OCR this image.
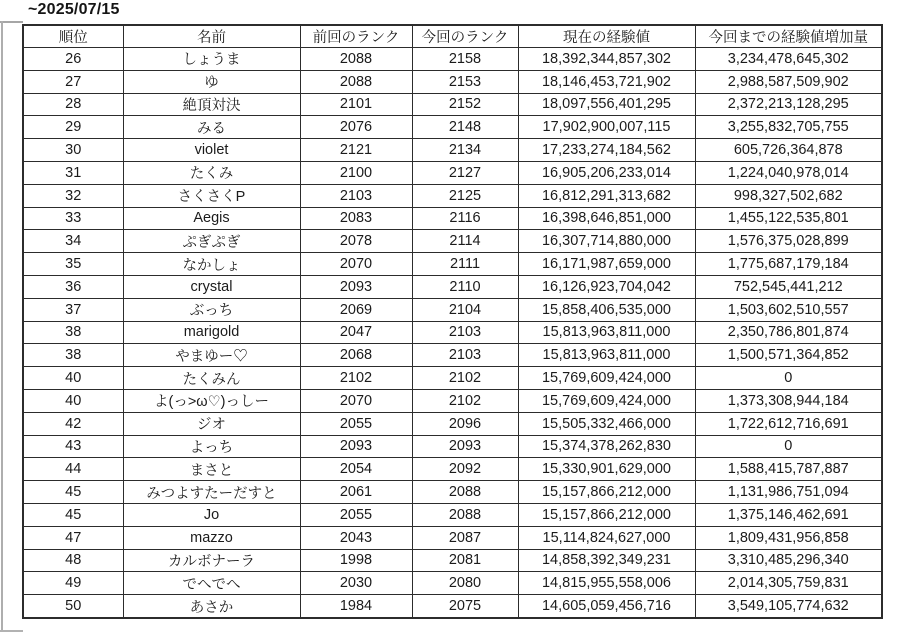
~2025/07/15
順位	名前	前回のランク	今回のランク	現在の経験値	今回までの経験値増加量
26	しょうま	2088	2158	18,392,344,857,302	3,234,478,645,302
27	ゆ	2088	2153	18,146,453,721,902	2,988,587,509,902
28	絶頂対決	2101	2152	18,097,556,401,295	2,372,213,128,295
29	みる	2076	2148	17,902,900,007,115	3,255,832,705,755
30	violet	2121	2134	17,233,274,184,562	605,726,364,878
31	たくみ	2100	2127	16,905,206,233,014	1,224,040,978,014
32	さくさくP	2103	2125	16,812,291,313,682	998,327,502,682
33	Aegis	2083	2116	16,398,646,851,000	1,455,122,535,801
34	ぷぎぷぎ	2078	2114	16,307,714,880,000	1,576,375,028,899
35	なかしょ	2070	2111	16,171,987,659,000	1,775,687,179,184
36	crystal	2093	2110	16,126,923,704,042	752,545,441,212
37	ぶっち	2069	2104	15,858,406,535,000	1,503,602,510,557
38	marigold	2047	2103	15,813,963,811,000	2,350,786,801,874
38	やまゆー♡	2068	2103	15,813,963,811,000	1,500,571,364,852
40	たくみん	2102	2102	15,769,609,424,000	0
40	よ(っ>ω♡)っしー	2070	2102	15,769,609,424,000	1,373,308,944,184
42	ジオ	2055	2096	15,505,332,466,000	1,722,612,716,691
43	よっち	2093	2093	15,374,378,262,830	0
44	まさと	2054	2092	15,330,901,629,000	1,588,415,787,887
45	みつよすたーだすと	2061	2088	15,157,866,212,000	1,131,986,751,094
45	Jo	2055	2088	15,157,866,212,000	1,375,146,462,691
47	mazzo	2043	2087	15,114,824,627,000	1,809,431,956,858
48	カルボナーラ	1998	2081	14,858,392,349,231	3,310,485,296,340
49	でへでへ	2030	2080	14,815,955,558,006	2,014,305,759,831
50	あさか	1984	2075	14,605,059,456,716	3,549,105,774,632
